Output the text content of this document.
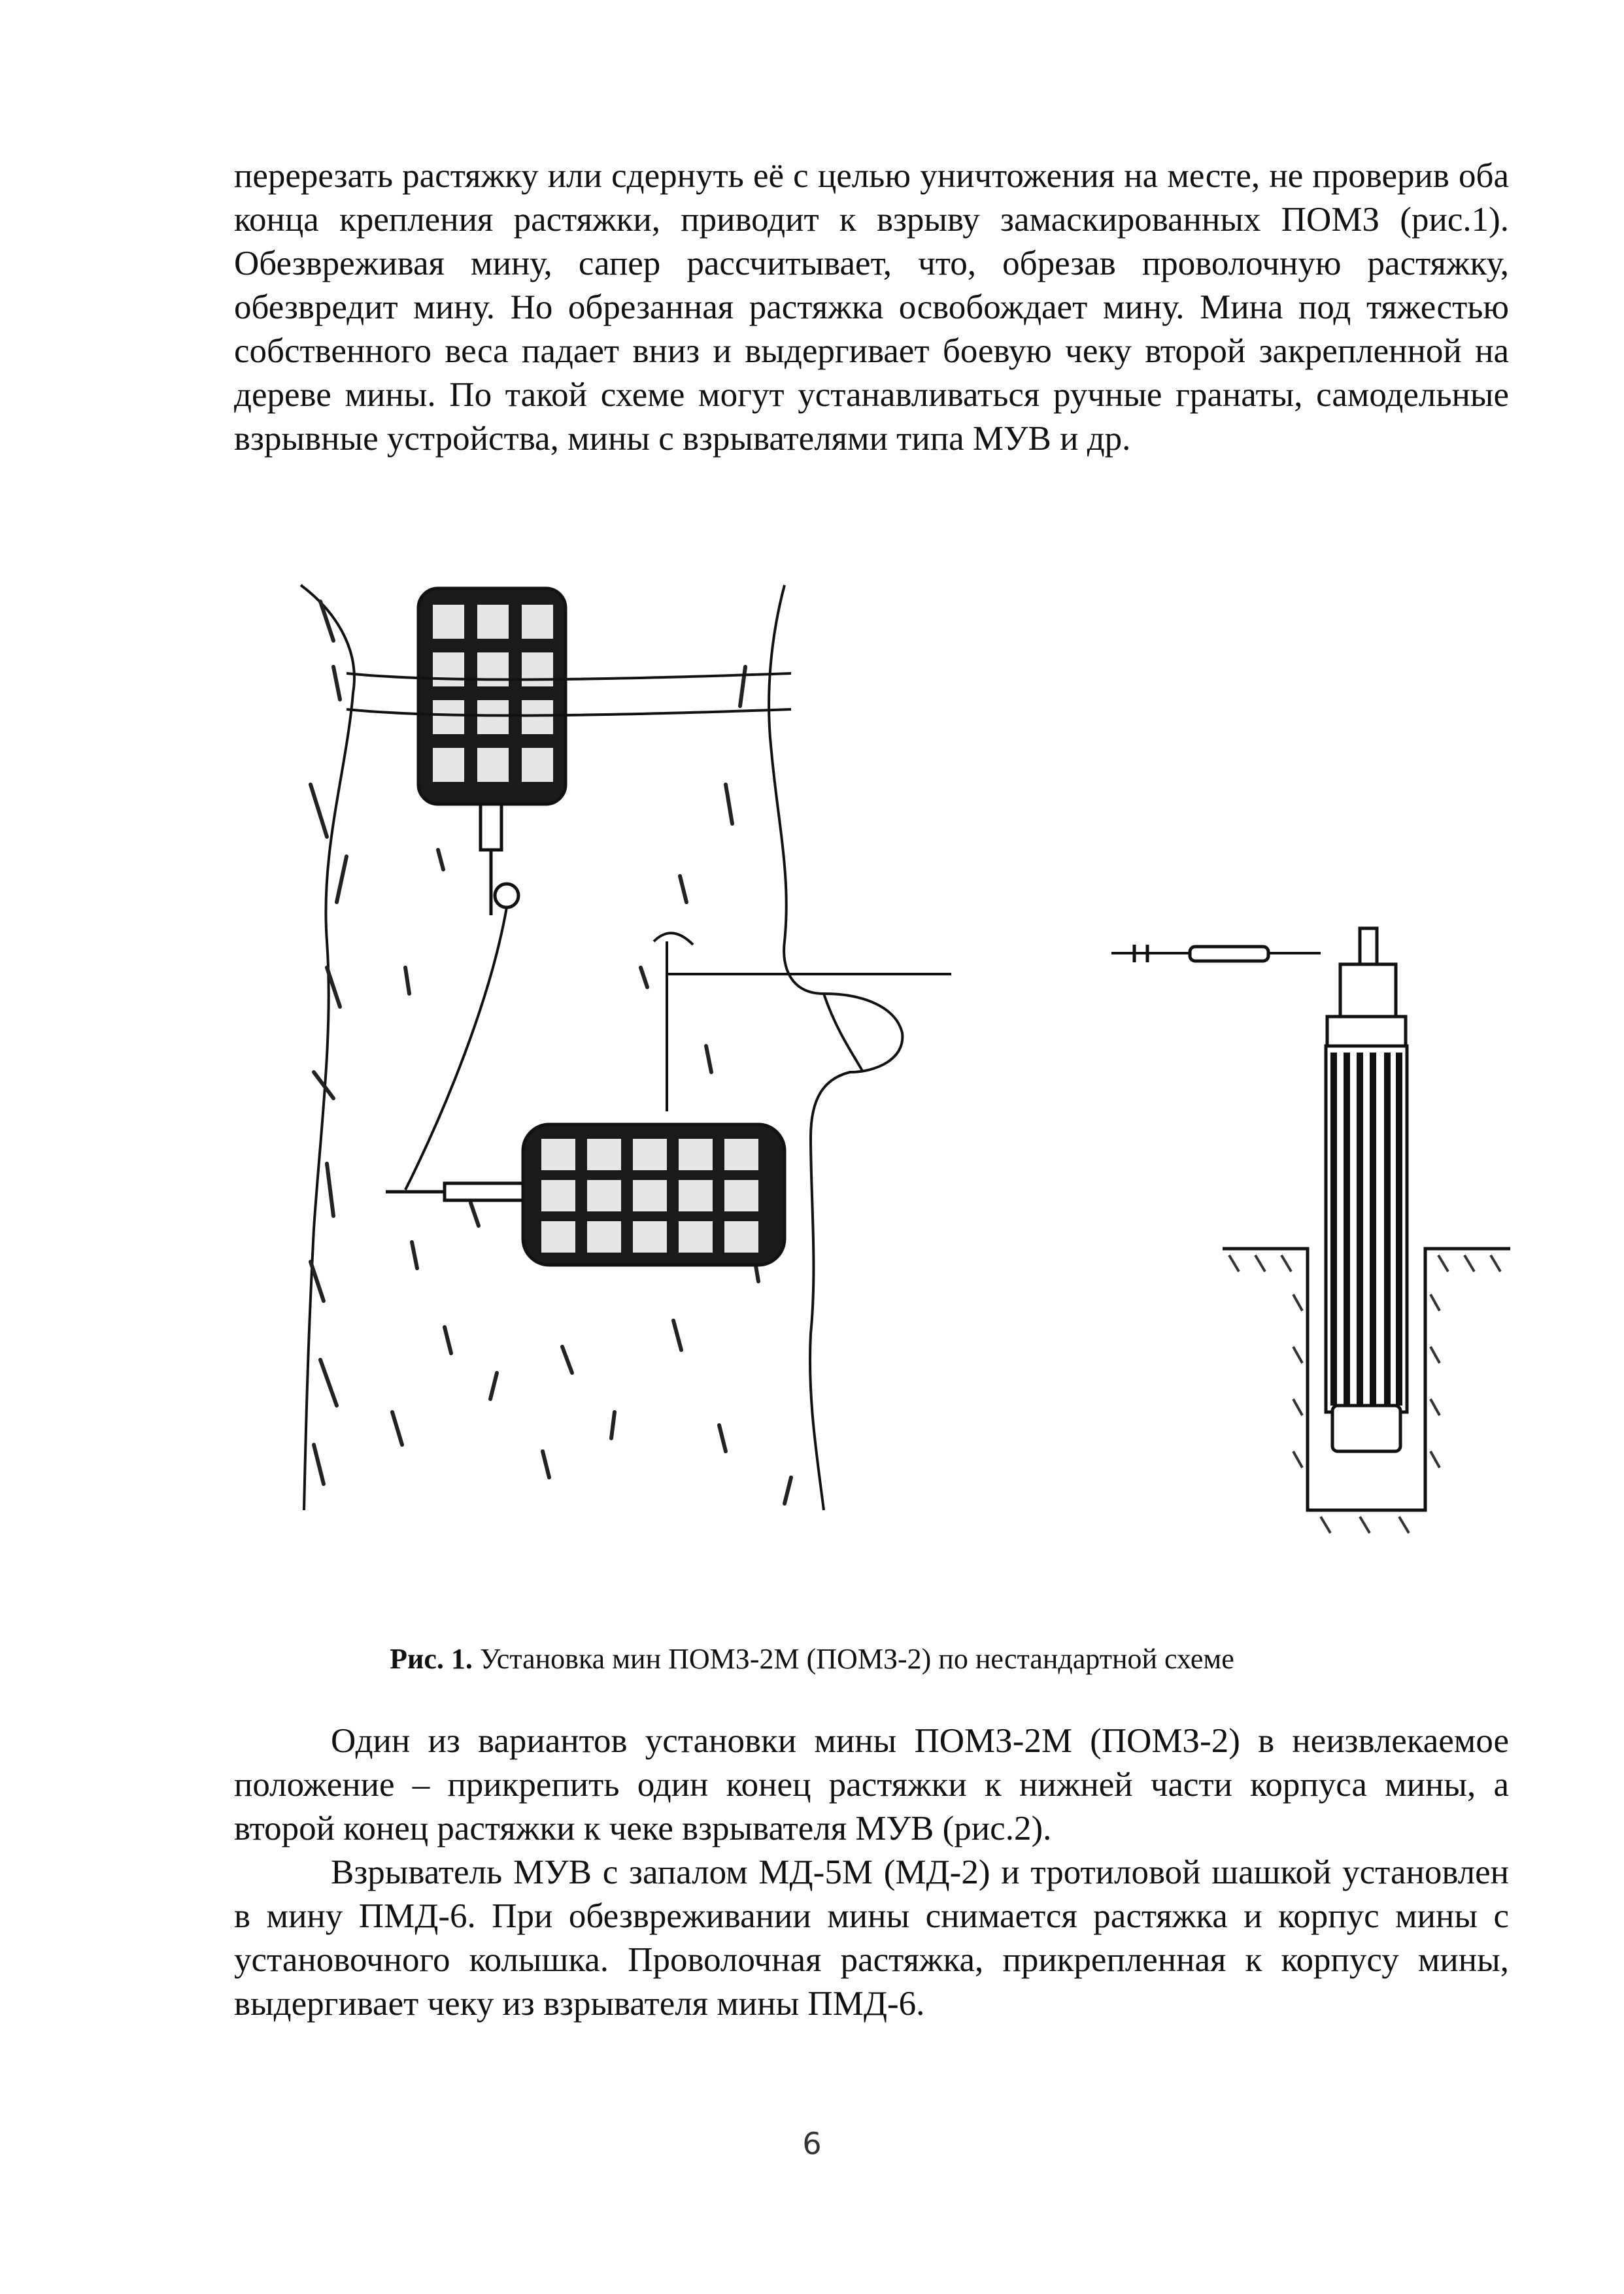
перерезать растяжку или сдернуть её с целью уничтожения на месте, не проверив оба конца крепления растяжки, приводит к взрыву замаскированных ПОМЗ (рис.1). Обезвреживая мину, сапер рассчитывает, что, обрезав проволочную растяжку, обезвредит мину. Но обрезанная растяжка освобождает мину. Мина под тяжестью собственного веса падает вниз и выдергивает боевую чеку второй закрепленной на дереве мины. По такой схеме могут устанавливаться ручные гранаты, самодельные взрывные устройства, мины с взрывателями типа МУВ и др.

Рис. 1. Установка мин ПОМЗ-2М (ПОМЗ-2) по нестандартной схеме

Один из вариантов установки мины ПОМЗ-2М (ПОМЗ-2) в неизвлекаемое положение – прикрепить один конец растяжки к нижней части корпуса мины, а второй конец растяжки к чеке взрывателя МУВ (рис.2).

Взрыватель МУВ с запалом МД-5М (МД-2) и тротиловой шашкой установлен в мину ПМД-6. При обезвреживании мины снимается растяжка и корпус мины с установочного колышка. Проволочная растяжка, прикрепленная к корпусу мины, выдергивает чеку из взрывателя мины ПМД-6.

6
